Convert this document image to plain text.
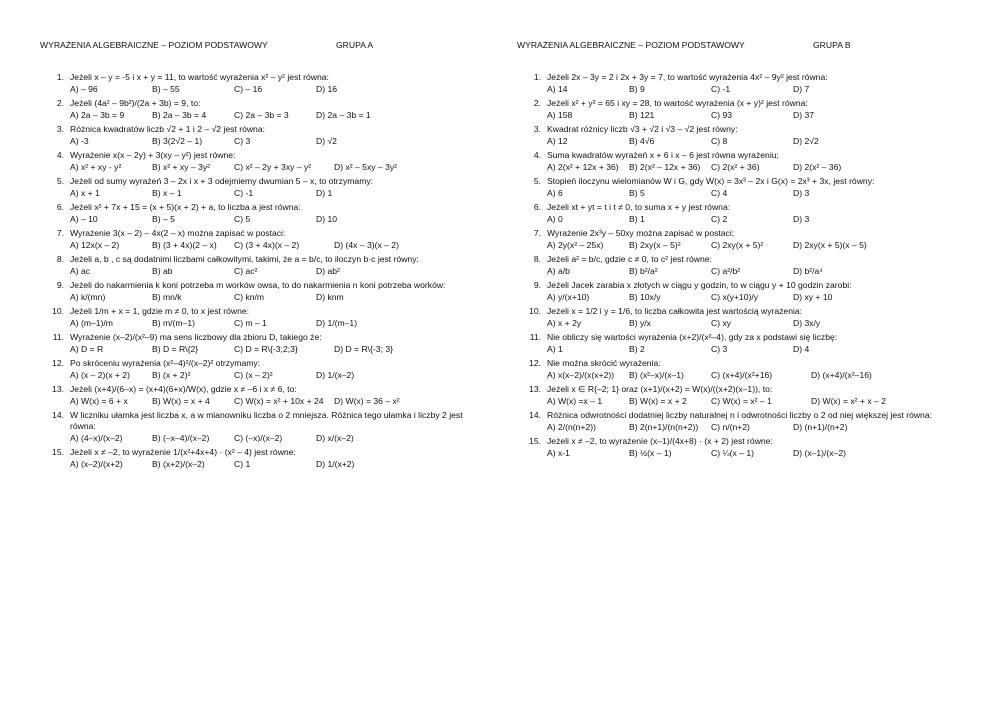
WYRAŻENIA ALGEBRAICZNE – POZIOM PODSTAWOWY	GRUPA A
1. Jeżeli x – y = -5 i x + y = 11, to wartość wyrażenia x² – y² jest równa:
A) – 96	B) – 55	C) – 16	D) 16
2. Jeżeli (4a² – 9b²)/(2a + 3b) = 9, to:
A) 2a – 3b = 9	B) 2a – 3b = 4	C) 2a – 3b = 3	D) 2a – 3b = 1
3. Różnica kwadratów liczb √2 + 1 i 2 – √2 jest równa:
A) -3	B) 3(2√2 – 1)	C) 3	D) √2
4. Wyrażenie x(x – 2y) + 3(xy – y²) jest równe:
A) x² + xy - y²	B) x² + xy – 3y²	C) x² – 2y + 3xy – y²	D) x² – 5xy – 3y²
5. Jeżeli od sumy wyrażeń 3 – 2x i x + 3 odejmiemy dwumian 5 – x, to otrzymamy:
A) x + 1	B) x – 1	C) -1	D) 1
6. Jeżeli x² + 7x + 15 = (x + 5)(x + 2) + a, to liczba a jest równa:
A) – 10	B) – 5	C) 5	D) 10
7. Wyrażenie 3(x – 2) – 4x(2 – x) można zapisać w postaci:
A) 12x(x – 2)	B) (3 + 4x)(2 – x)	C) (3 + 4x)(x – 2)	D) (4x – 3)(x – 2)
8. Jeżeli a, b , c są dodatnimi liczbami całkowitymi, takimi, że a = b/c, to iloczyn b·c jest równy:
A) ac	B) ab	C) ac²	D) ab²
9. Jeżeli do nakarmienia k koni potrzeba m worków owsa, to do nakarmienia n koni potrzeba worków:
A) k/(mn)	B) mn/k	C) kn/m	D) knm
10. Jeżeli 1/m + x = 1, gdzie m ≠ 0, to x jest równe:
A) (m–1)/m	B) m/(m–1)	C) m – 1	D) 1/(m–1)
11. Wyrażenie (x–2)/(x²–9) ma sens liczbowy dla zbioru D, takiego że:
A) D = R	B) D = R\{2}	C) D = R\{-3;2;3}	D) D = R\{-3; 3}
12. Po skróceniu wyrażenia (x²–4)²/(x–2)² otrzymamy:
A) (x – 2)(x + 2)	B) (x + 2)²	C) (x – 2)²	D) 1/(x–2)
13. Jeżeli (x+4)/(6–x) = (x+4)(6+x)/W(x), gdzie x ≠ –6 i x ≠ 6, to:
A) W(x) = 6 + x	B) W(x) = x + 4	C) W(x) = x² + 10x + 24	D) W(x) = 36 – x²
14. W liczniku ułamka jest liczba x, a w mianowniku liczba o 2 mniejsza. Różnica tego ułamka i liczby 2 jest równa:
A) (4–x)/(x–2)	B) (–x–4)/(x–2)	C) (–x)/(x–2)	D) x/(x–2)
15. Jeżeli x ≠ –2, to wyrażenie 1/(x²+4x+4) · (x² – 4) jest równe:
A) (x–2)/(x+2)	B) (x+2)/(x–2)	C) 1	D) 1/(x+2)
WYRAŻENIA ALGEBRAICZNE – POZIOM PODSTAWOWY	GRUPA B
1. Jeżeli 2x – 3y = 2 i 2x + 3y = 7, to wartość wyrażenia 4x² – 9y² jest równa:
A) 14	B) 9	C) -1	D) 7
2. Jeżeli x² + y² = 65 i xy = 28, to wartość wyrażenia (x + y)² jest równa:
A) 158	B) 121	C) 93	D) 37
3. Kwadrat różnicy liczb √3 + √2 i √3 – √2 jest równy:
A) 12	B) 4√6	C) 8	D) 2√2
4. Suma kwadratów wyrażeń x + 6 i x – 6 jest równa wyrażeniu:
A) 2(x² + 12x + 36)	B) 2(x² – 12x + 36)	C) 2(x² + 36)	D) 2(x² – 36)
5. Stopień iloczynu wielomianów W i G, gdy W(x) = 3x³ – 2x i G(x) = 2x³ + 3x, jest równy:
A) 6	B) 5	C) 4	D) 3
6. Jeżeli xt + yt = t i t ≠ 0, to suma x + y jest równa:
A) 0	B) 1	C) 2	D) 3
7. Wyrażenie 2x³y – 50xy można zapisać w postaci:
A) 2y(x² – 25x)	B) 2xy(x – 5)²	C) 2xy(x + 5)²	D) 2xy(x + 5)(x – 5)
8. Jeżeli a² = b/c, gdzie c ≠ 0, to c² jest równe:
A) a/b	B) b²/a²	C) a²/b²	D) b²/a⁴
9. Jeżeli Jacek zarabia x złotych w ciągu y godzin, to w ciągu y + 10 godzin zarobi:
A) y/(x+10)	B) 10x/y	C) x(y+10)/y	D) xy + 10
10. Jeżeli x = 1/2 i y = 1/6, to liczba całkowita jest wartością wyrażenia:
A) x + 2y	B) y/x	C) xy	D) 3x/y
11. Nie obliczy się wartości wyrażenia (x+2)/(x²–4), gdy za x podstawi się liczbę:
A) 1	B) 2	C) 3	D) 4
12. Nie można skrócić wyrażenia:
A) x(x–2)/(x(x+2))	B) (x²–x)/(x–1)	C) (x+4)/(x²+16)	D) (x+4)/(x²–16)
13. Jeżeli x ∈ R{–2; 1} oraz (x+1)/(x+2) = W(x)/((x+2)(x–1)), to:
A) W(x) =x – 1	B) W(x) = x + 2	C) W(x) = x² – 1	D) W(x) = x² + x – 2
14. Różnica odwrotności dodatniej liczby naturalnej n i odwrotności liczby o 2 od niej większej jest równa:
A) 2/(n(n+2))	B) 2(n+1)/(n(n+2))	C) n/(n+2)	D) (n+1)/(n+2)
15. Jeżeli x ≠ –2, to wyrażenie (x–1)/(4x+8) · (x + 2) jest równe:
A) x-1	B) ½(x – 1)	C) ¼(x – 1)	D) (x–1)/(x–2)
